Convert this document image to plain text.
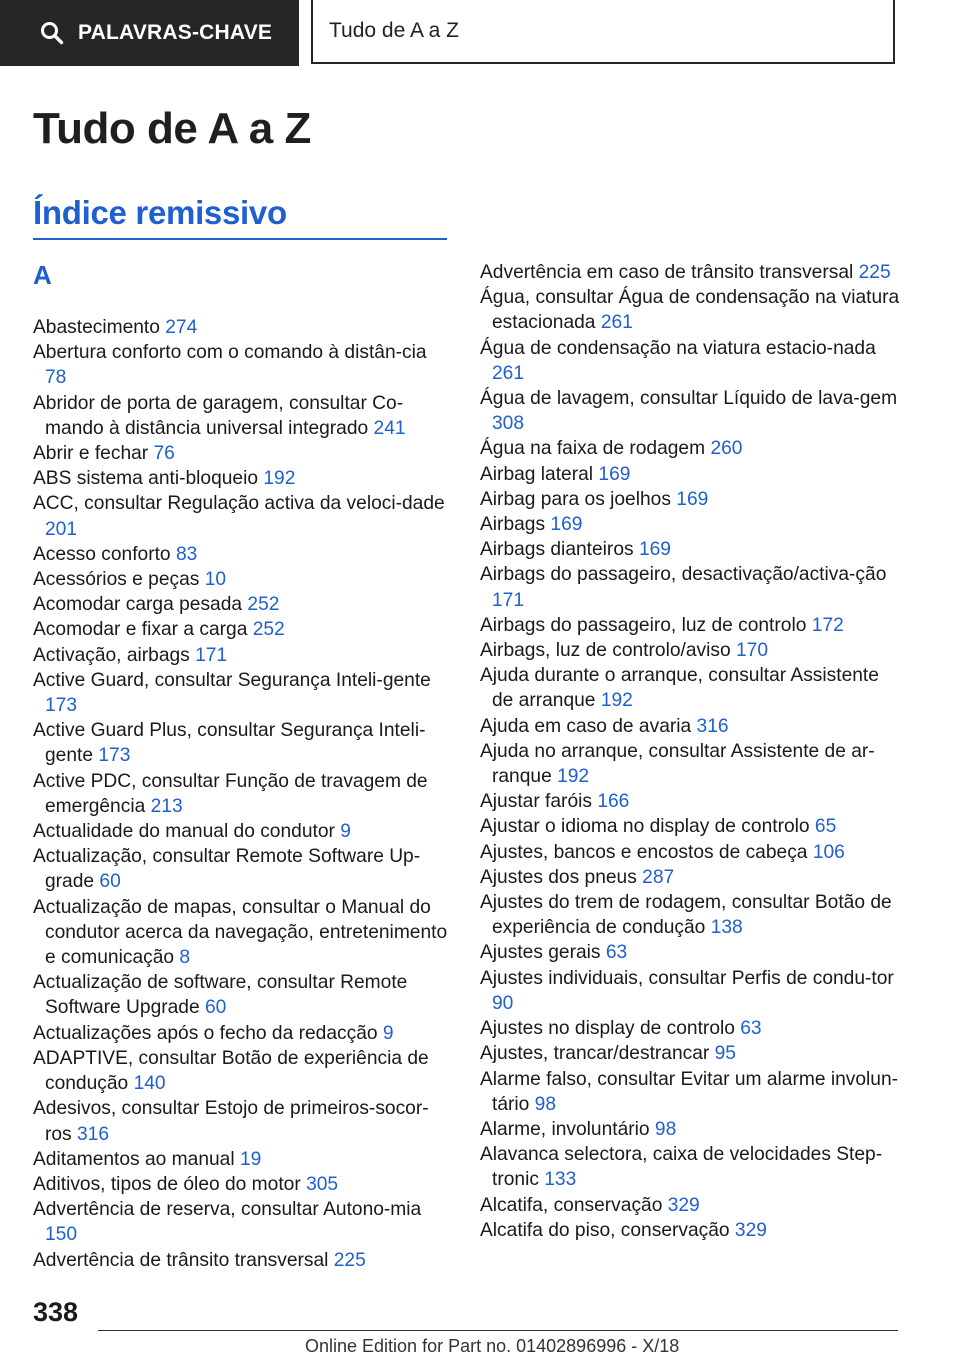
PALAVRAS-CHAVE	Tudo de A a Z
Tudo de A a Z
Índice remissivo
A

Abastecimento 274

Abertura conforto com o comando à distân-cia 78

Abridor de porta de garagem, consultar Co-mando à distância universal integrado 241

Abrir e fechar 76

ABS sistema anti-bloqueio 192

ACC, consultar Regulação activa da veloci-dade 201

Acesso conforto 83

Acessórios e peças 10

Acomodar carga pesada 252

Acomodar e fixar a carga 252

Activação, airbags 171

Active Guard, consultar Segurança Inteli-gente 173

Active Guard Plus, consultar Segurança Inteli-gente 173

Active PDC, consultar Função de travagem de emergência 213

Actualidade do manual do condutor 9

Actualização, consultar Remote Software Up-grade 60

Actualização de mapas, consultar o Manual do condutor acerca da navegação, entretenimento e comunicação 8

Actualização de software, consultar Remote Software Upgrade 60

Actualizações após o fecho da redacção 9

ADAPTIVE, consultar Botão de experiência de condução 140

Adesivos, consultar Estojo de primeiros-socor-ros 316

Aditamentos ao manual 19

Aditivos, tipos de óleo do motor 305

Advertência de reserva, consultar Autono-mia 150

Advertência de trânsito transversal 225

Advertência em caso de trânsito transversal 225

Água, consultar Água de condensação na viatura estacionada 261

Água de condensação na viatura estacio-nada 261

Água de lavagem, consultar Líquido de lava-gem 308

Água na faixa de rodagem 260

Airbag lateral 169

Airbag para os joelhos 169

Airbags 169

Airbags dianteiros 169

Airbags do passageiro, desactivação/activa-ção 171

Airbags do passageiro, luz de controlo 172

Airbags, luz de controlo/aviso 170

Ajuda durante o arranque, consultar Assistente de arranque 192

Ajuda em caso de avaria 316

Ajuda no arranque, consultar Assistente de ar-ranque 192

Ajustar faróis 166

Ajustar o idioma no display de controlo 65

Ajustes, bancos e encostos de cabeça 106

Ajustes dos pneus 287

Ajustes do trem de rodagem, consultar Botão de experiência de condução 138

Ajustes gerais 63

Ajustes individuais, consultar Perfis de condu-tor 90

Ajustes no display de controlo 63

Ajustes, trancar/destrancar 95

Alarme falso, consultar Evitar um alarme involun-tário 98

Alarme, involuntário 98

Alavanca selectora, caixa de velocidades Step-tronic 133

Alcatifa, conservação 329

Alcatifa do piso, conservação 329

338
Online Edition for Part no. 01402896996 - X/18
